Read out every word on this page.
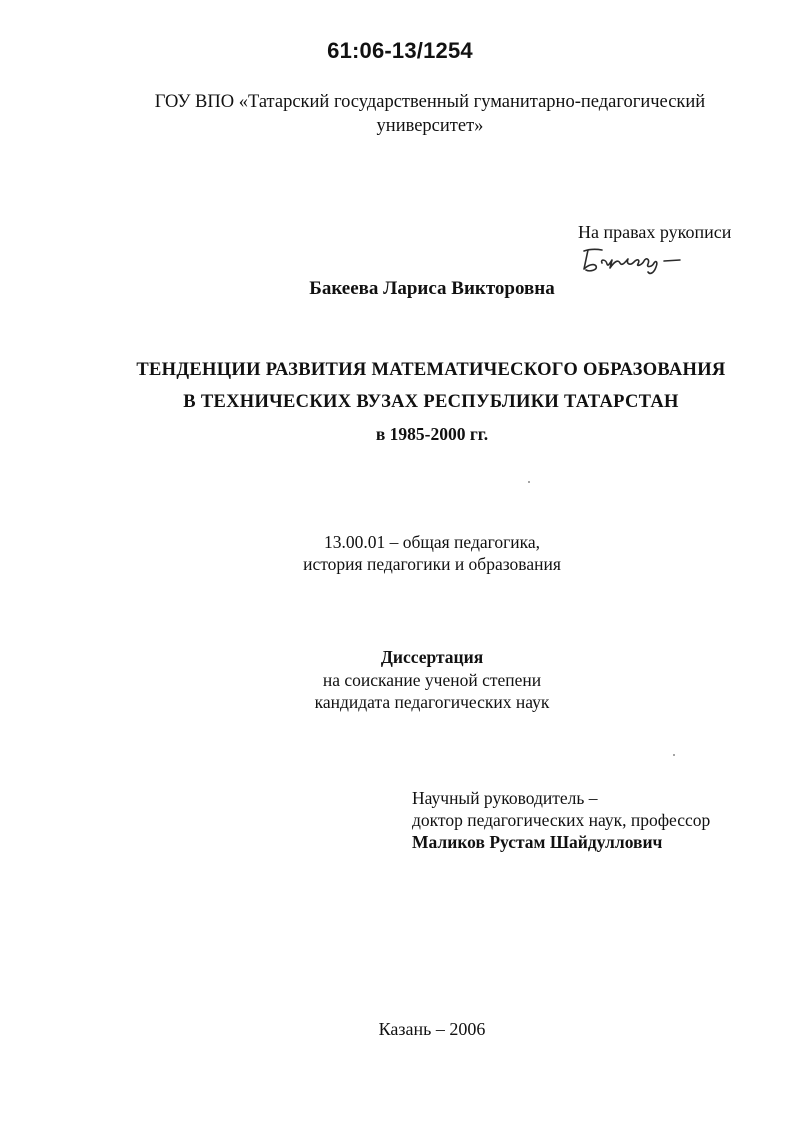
61:06-13/1254
ГОУ ВПО «Татарский государственный гуманитарно-педагогический
университет»
На правах рукописи
Бакеева Лариса Викторовна
ТЕНДЕНЦИИ РАЗВИТИЯ МАТЕМАТИЧЕСКОГО ОБРАЗОВАНИЯ
В ТЕХНИЧЕСКИХ ВУЗАХ РЕСПУБЛИКИ ТАТАРСТАН
в 1985-2000 гг.
13.00.01 – общая педагогика,
история педагогики и образования
Диссертация
на соискание ученой степени
кандидата педагогических наук
Научный руководитель –
доктор педагогических наук, профессор
Маликов Рустам Шайдуллович
Казань – 2006
